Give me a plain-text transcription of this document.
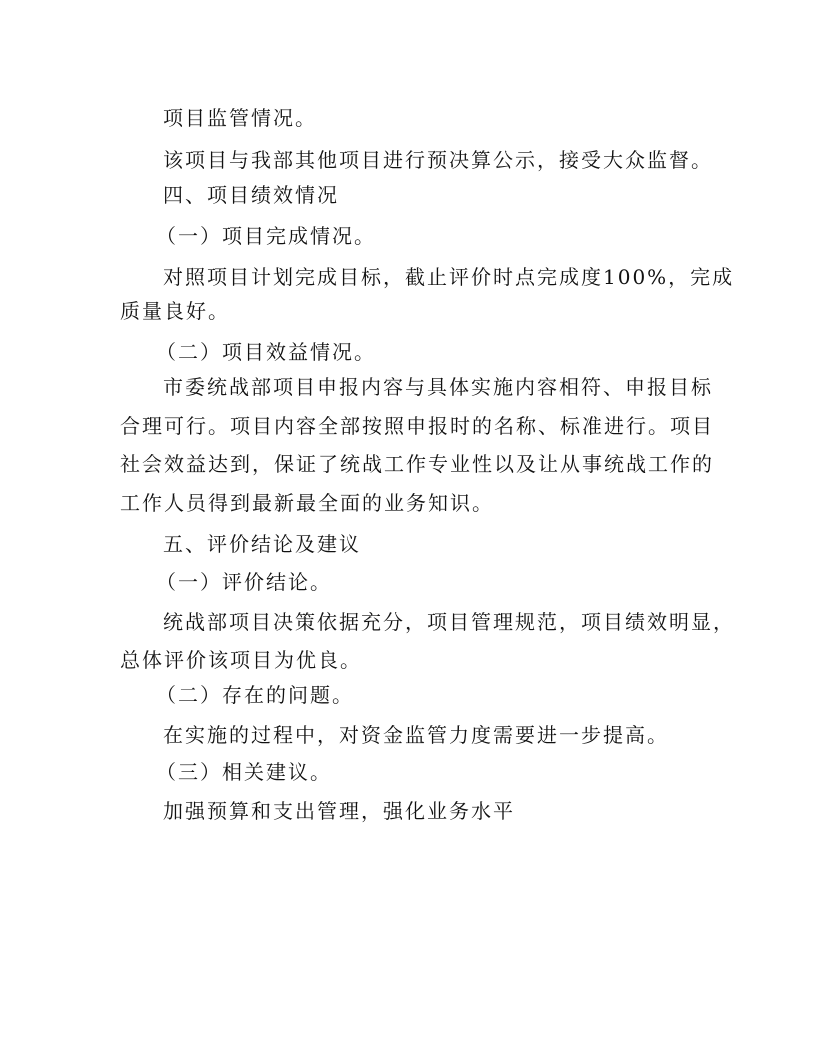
项目监管情况。
该项目与我部其他项目进行预决算公示，接受大众监督。
四、项目绩效情况
（一）项目完成情况。
对照项目计划完成目标，截止评价时点完成度100%，完成
质量良好。
（二）项目效益情况。
市委统战部项目申报内容与具体实施内容相符、申报目标
合理可行。项目内容全部按照申报时的名称、标准进行。项目
社会效益达到，保证了统战工作专业性以及让从事统战工作的
工作人员得到最新最全面的业务知识。
五、评价结论及建议
（一）评价结论。
统战部项目决策依据充分，项目管理规范，项目绩效明显，
总体评价该项目为优良。
（二）存在的问题。
在实施的过程中，对资金监管力度需要进一步提高。
（三）相关建议。
加强预算和支出管理，强化业务水平
